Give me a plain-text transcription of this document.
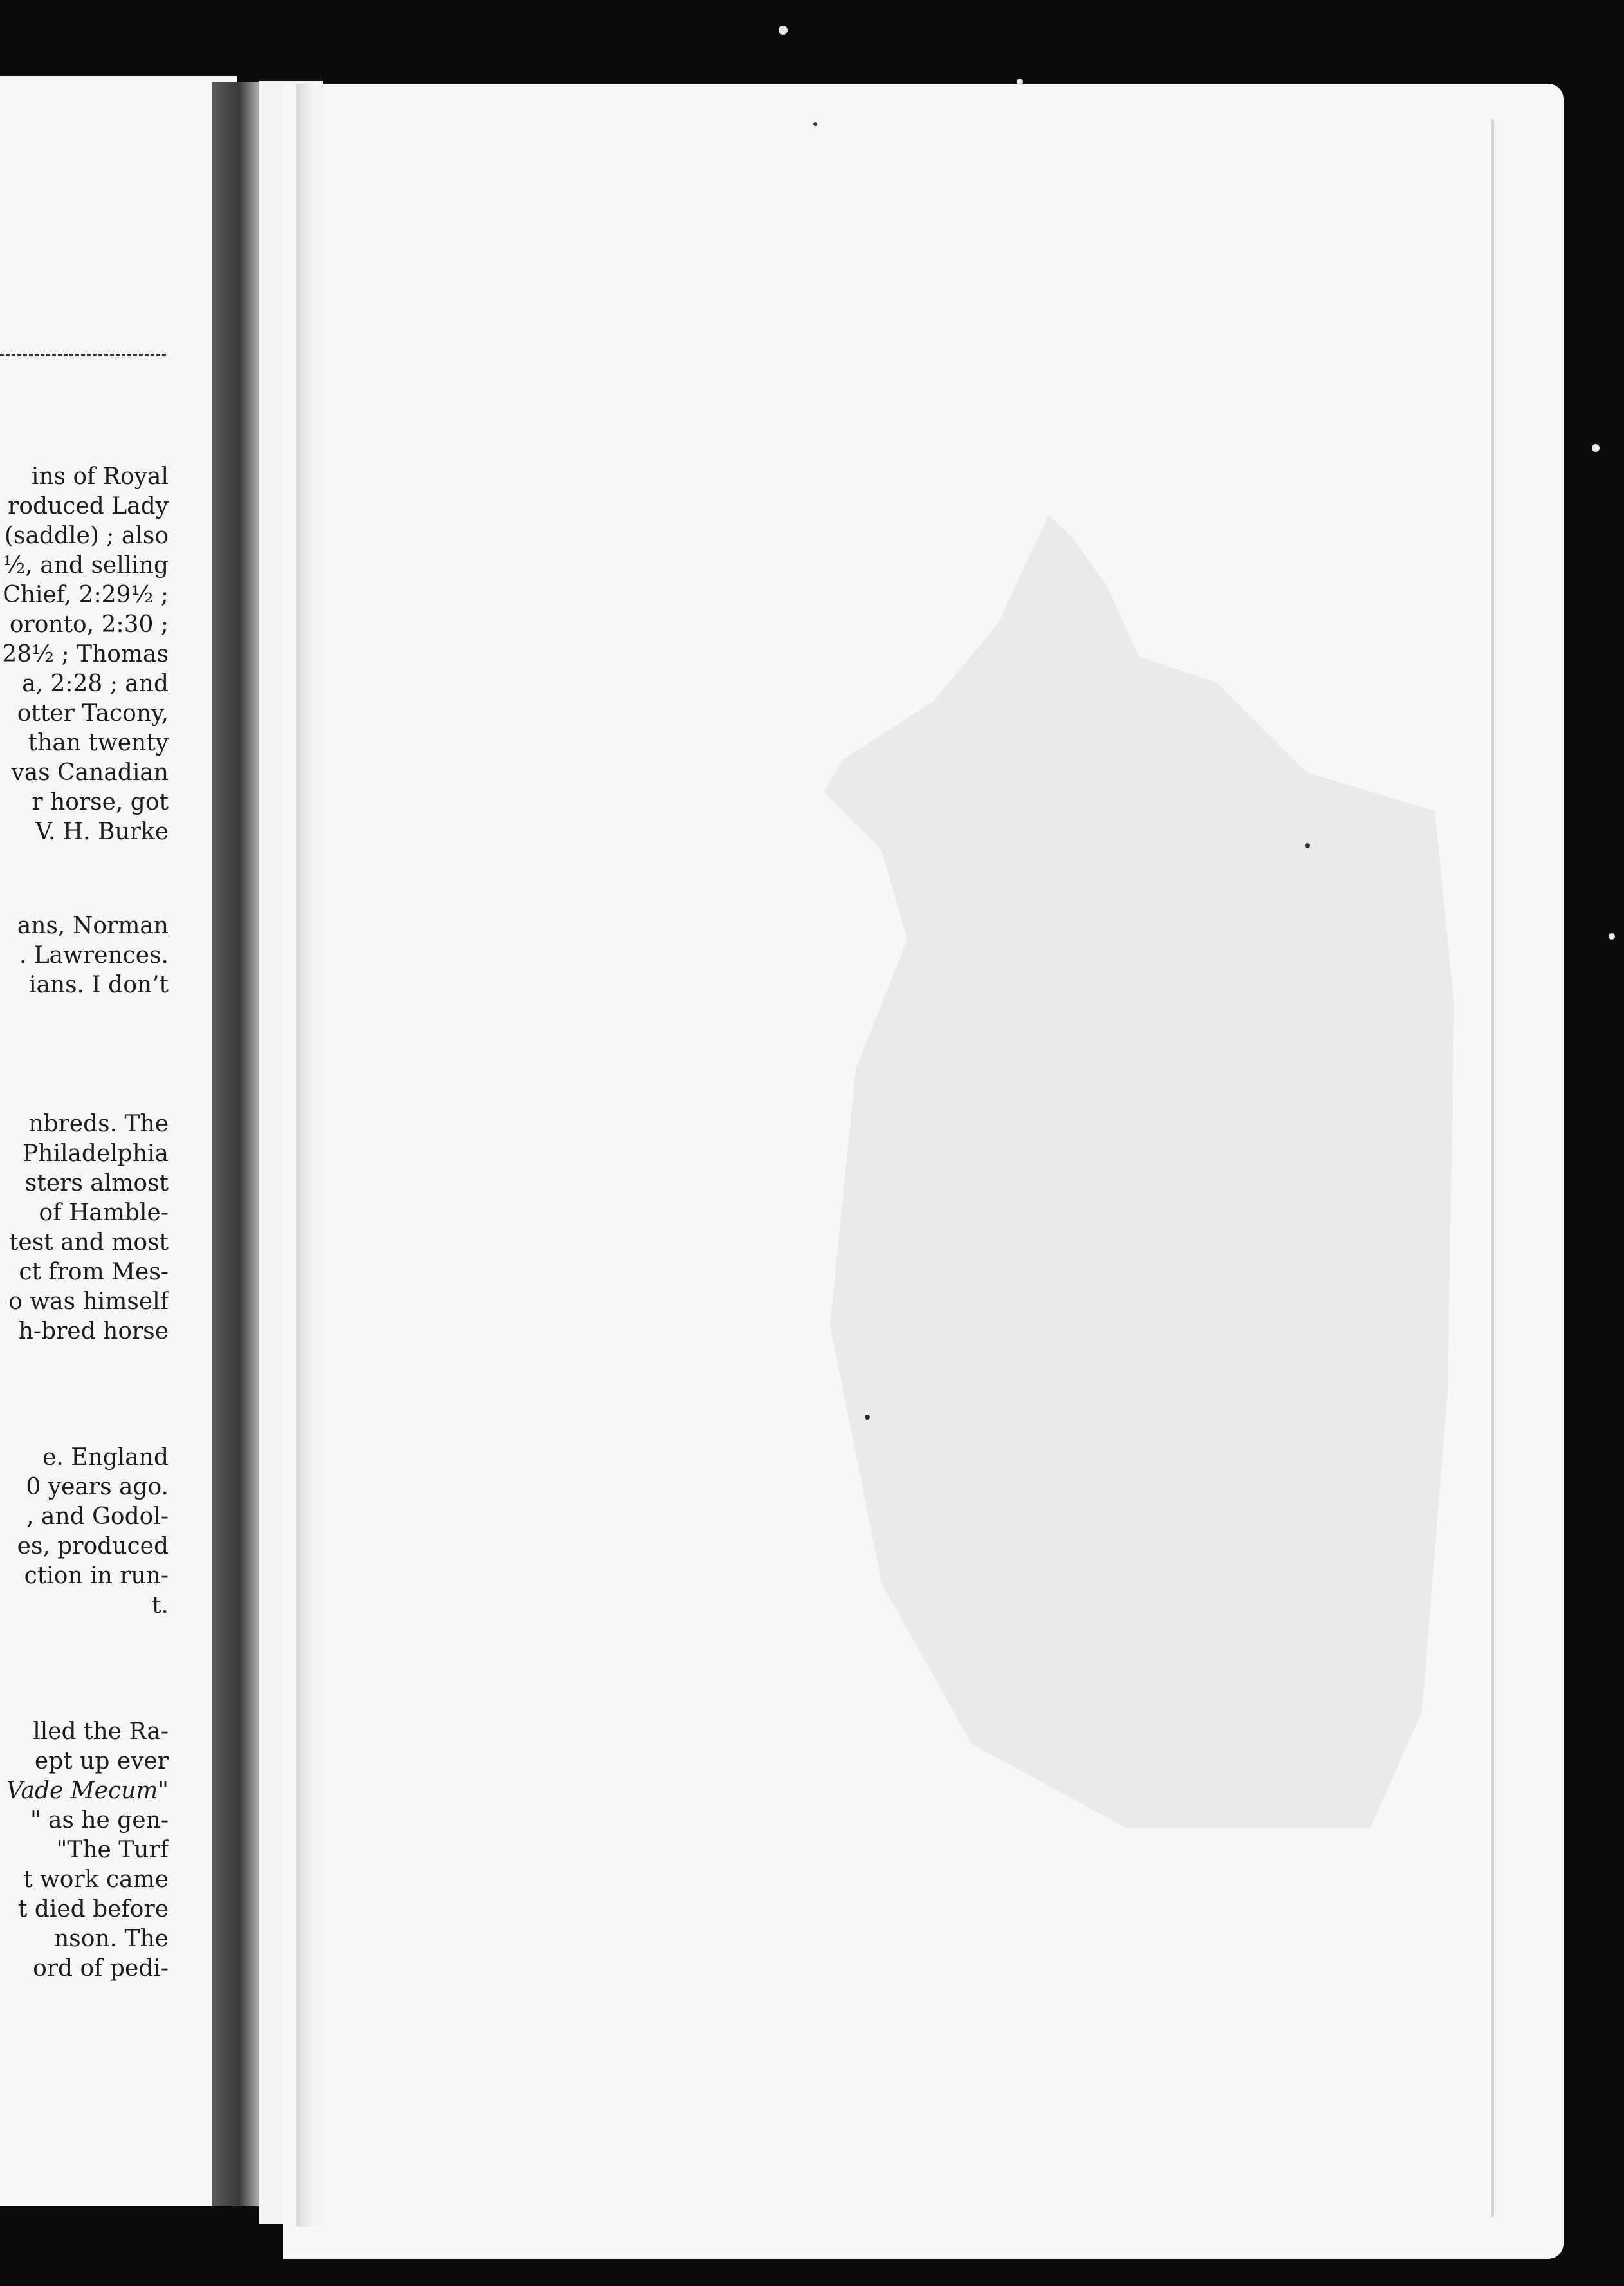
ins of Royal
roduced Lady
(saddle) ; also
½, and selling
Chief, 2:29½ ;
oronto, 2:30 ;
28½ ; Thomas
a, 2:28 ; and
otter Tacony,
than twenty
vas Canadian
r horse, got
V. H. Burke
ans, Norman
. Lawrences.
ians. I don’t
nbreds. The
Philadelphia
sters almost
of Hamble-
test and most
ct from Mes-
o was himself
h-bred horse
e. England
0 years ago.
, and Godol-
es, produced
ction in run-
t.
lled the Ra-
ept up ever
Vade Mecum"
" as he gen-
"The Turf
t work came
t died before
nson. The
ord of pedi-
